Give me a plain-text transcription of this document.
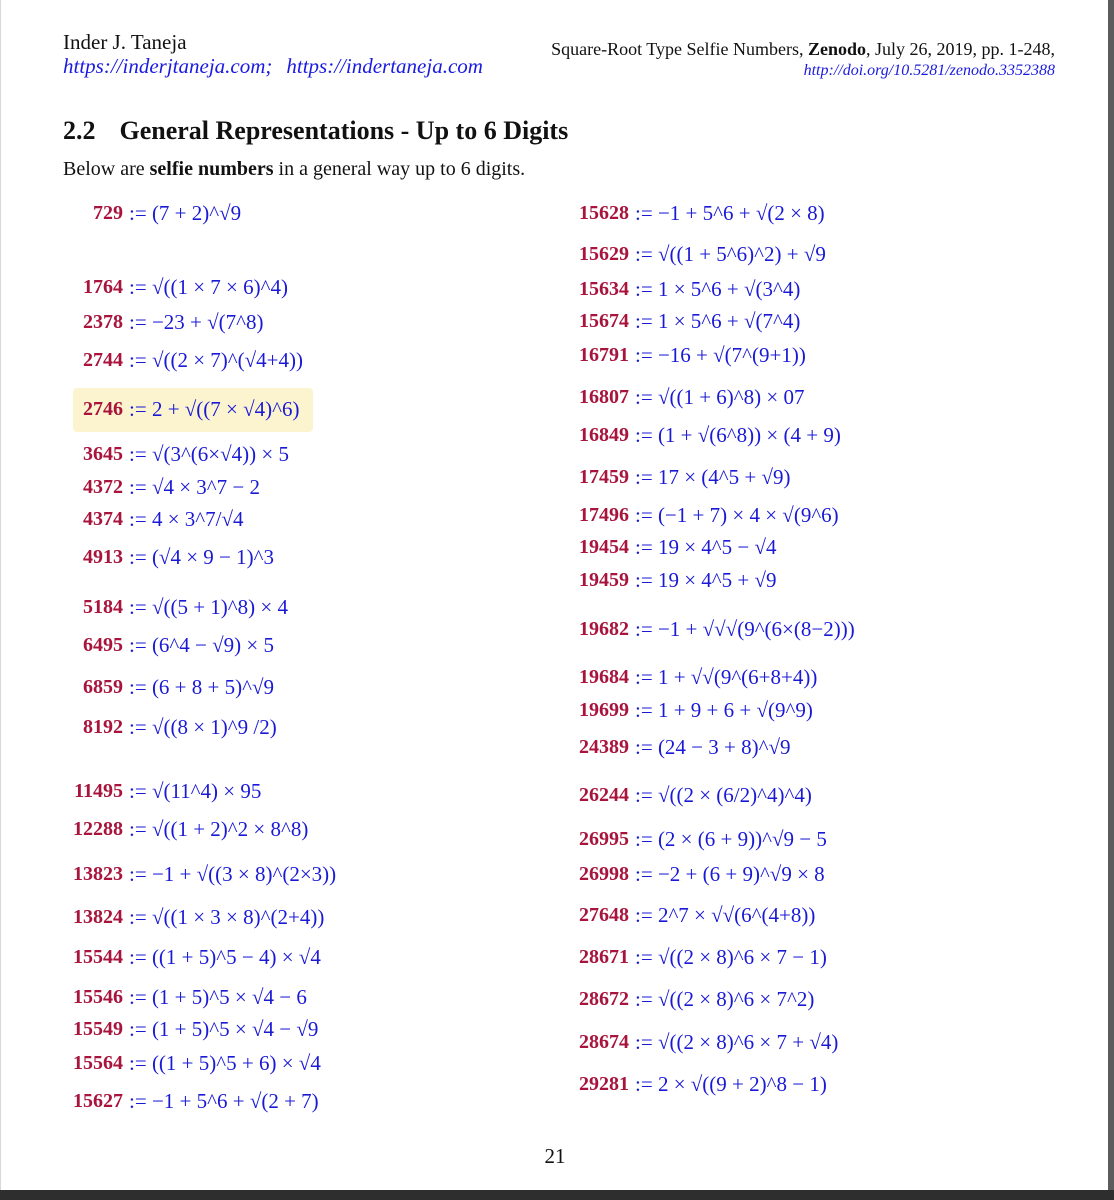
Inder J. Taneja
https://inderjtaneja.com; https://indertaneja.com
Square-Root Type Selfie Numbers, Zenodo, July 26, 2019, pp. 1-248,
http://doi.org/10.5281/zenodo.3352388
2.2 General Representations - Up to 6 Digits
Below are selfie numbers in a general way up to 6 digits.
729	:= (7 + 2)^√9
1764	:= √((1 × 7 × 6)^4)
2378	:= −23 + √(7^8)
2744	:= √((2 × 7)^(√4+4))
2746	:= 2 + √((7 × √4)^6)
3645	:= √(3^(6×√4)) × 5
4372	:= √4 × 3^7 − 2
4374	:= 4 × 3^7/√4
4913	:= (√4 × 9 − 1)^3
5184	:= √((5 + 1)^8) × 4
6495	:= (6^4 − √9) × 5
6859	:= (6 + 8 + 5)^√9
8192	:= √((8 × 1)^9 /2)
11495	:= √(11^4) × 95
12288	:= √((1 + 2)^2 × 8^8)
13823	:= −1 + √((3 × 8)^(2×3))
13824	:= √((1 × 3 × 8)^(2+4))
15544	:= ((1 + 5)^5 − 4) × √4
15546	:= (1 + 5)^5 × √4 − 6
15549	:= (1 + 5)^5 × √4 − √9
15564	:= ((1 + 5)^5 + 6) × √4
15627	:= −1 + 5^6 + √(2 + 7)
15628	:= −1 + 5^6 + √(2 × 8)
15629	:= √((1 + 5^6)^2) + √9
15634	:= 1 × 5^6 + √(3^4)
15674	:= 1 × 5^6 + √(7^4)
16791	:= −16 + √(7^(9+1))
16807	:= √((1 + 6)^8) × 07
16849	:= (1 + √(6^8)) × (4 + 9)
17459	:= 17 × (4^5 + √9)
17496	:= (−1 + 7) × 4 × √(9^6)
19454	:= 19 × 4^5 − √4
19459	:= 19 × 4^5 + √9
19682	:= −1 + √√√(9^(6×(8−2)))
19684	:= 1 + √√(9^(6+8+4))
19699	:= 1 + 9 + 6 + √(9^9)
24389	:= (24 − 3 + 8)^√9
26244	:= √((2 × (6/2)^4)^4)
26995	:= (2 × (6 + 9))^√9 − 5
26998	:= −2 + (6 + 9)^√9 × 8
27648	:= 2^7 × √√(6^(4+8))
28671	:= √((2 × 8)^6 × 7 − 1)
28672	:= √((2 × 8)^6 × 7^2)
28674	:= √((2 × 8)^6 × 7 + √4)
29281	:= 2 × √((9 + 2)^8 − 1)
21
